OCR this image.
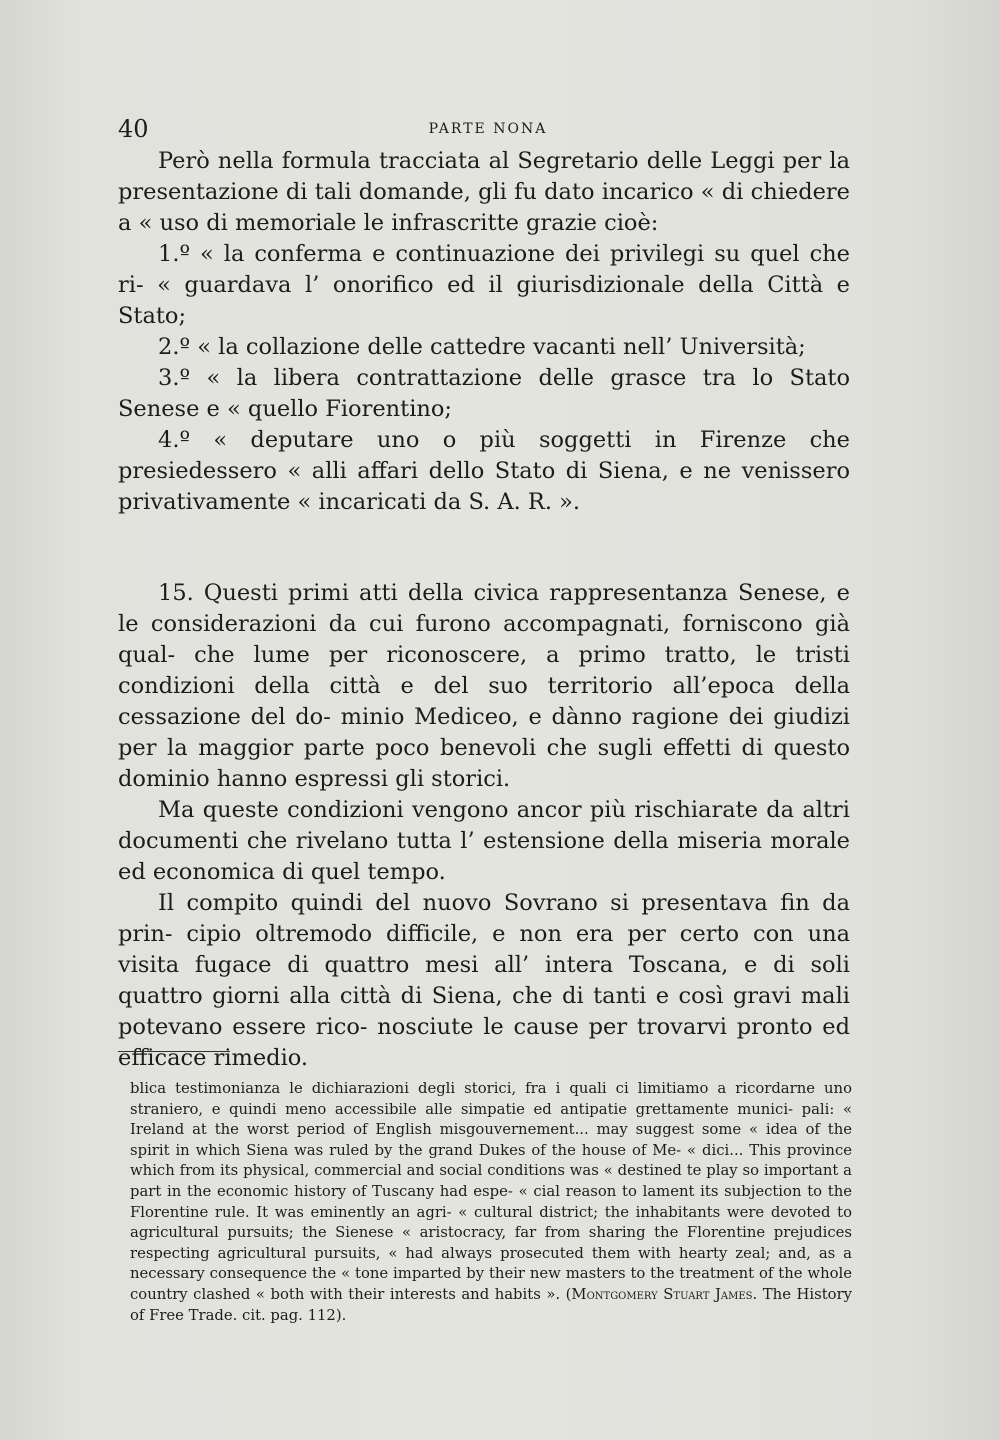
40	PARTE NONA

Però nella formula tracciata al Segretario delle Leggi per la presentazione di tali domande, gli fu dato incarico « di chiedere a « uso di memoriale le infrascritte grazie cioè:

1.º « la conferma e continuazione dei privilegi su quel che ri- « guardava l’ onorifico ed il giurisdizionale della Città e Stato;

2.º « la collazione delle cattedre vacanti nell’ Università;

3.º « la libera contrattazione delle grasce tra lo Stato Senese e « quello Fiorentino;

4.º « deputare uno o più soggetti in Firenze che presiedessero « alli affari dello Stato di Siena, e ne venissero privativamente « incaricati da S. A. R. ».

15. Questi primi atti della civica rappresentanza Senese, e le considerazioni da cui furono accompagnati, forniscono già qual- che lume per riconoscere, a primo tratto, le tristi condizioni della città e del suo territorio all’epoca della cessazione del do- minio Mediceo, e dànno ragione dei giudizi per la maggior parte poco benevoli che sugli effetti di questo dominio hanno espressi gli storici.

Ma queste condizioni vengono ancor più rischiarate da altri documenti che rivelano tutta l’ estensione della miseria morale ed economica di quel tempo.

Il compito quindi del nuovo Sovrano si presentava fin da prin- cipio oltremodo difficile, e non era per certo con una visita fugace di quattro mesi all’ intera Toscana, e di soli quattro giorni alla città di Siena, che di tanti e così gravi mali potevano essere rico- nosciute le cause per trovarvi pronto ed efficace rimedio.

blica testimonianza le dichiarazioni degli storici, fra i quali ci limitiamo a ricordarne uno straniero, e quindi meno accessibile alle simpatie ed antipatie grettamente munici- pali: « Ireland at the worst period of English misgouvernement... may suggest some « idea of the spirit in which Siena was ruled by the grand Dukes of the house of Me- « dici... This province which from its physical, commercial and social conditions was « destined te play so important a part in the economic history of Tuscany had espe- « cial reason to lament its subjection to the Florentine rule. It was eminently an agri- « cultural district; the inhabitants were devoted to agricultural pursuits; the Sienese « aristocracy, far from sharing the Florentine prejudices respecting agricultural pursuits, « had always prosecuted them with hearty zeal; and, as a necessary consequence the « tone imparted by their new masters to the treatment of the whole country clashed « both with their interests and habits ». (Montgomery Stuart James. The History of Free Trade. cit. pag. 112).
